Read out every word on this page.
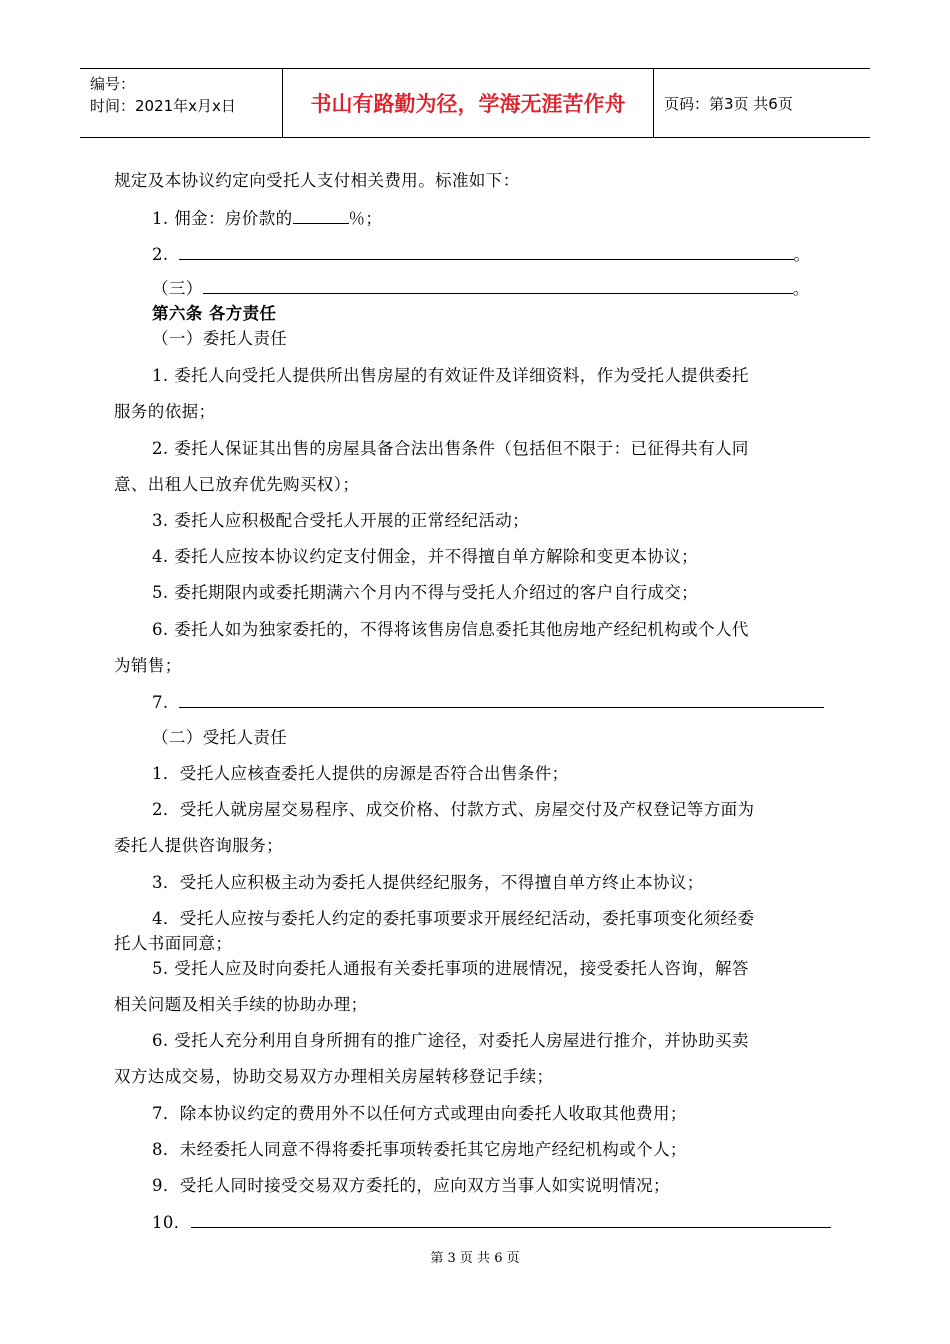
编号：
时间：2021年x月x日	书山有路勤为径，学海无涯苦作舟	页码：第3页 共6页
规定及本协议约定向受托人支付相关费用。标准如下：
1. 佣金：房价款的	％；
2.	。
（三）	。
第六条 各方责任
（一）委托人责任
1. 委托人向受托人提供所出售房屋的有效证件及详细资料，作为受托人提供委托
服务的依据；
2. 委托人保证其出售的房屋具备合法出售条件（包括但不限于：已征得共有人同
意、出租人已放弃优先购买权）；
3. 委托人应积极配合受托人开展的正常经纪活动；
4. 委托人应按本协议约定支付佣金，并不得擅自单方解除和变更本协议；
5. 委托期限内或委托期满六个月内不得与受托人介绍过的客户自行成交；
6. 委托人如为独家委托的，不得将该售房信息委托其他房地产经纪机构或个人代
为销售；
7.
（二）受托人责任
1．受托人应核查委托人提供的房源是否符合出售条件；
2．受托人就房屋交易程序、成交价格、付款方式、房屋交付及产权登记等方面为
委托人提供咨询服务；
3．受托人应积极主动为委托人提供经纪服务，不得擅自单方终止本协议；
4．受托人应按与委托人约定的委托事项要求开展经纪活动，委托事项变化须经委
托人书面同意；
5. 受托人应及时向委托人通报有关委托事项的进展情况，接受委托人咨询，解答
相关问题及相关手续的协助办理；
6. 受托人充分利用自身所拥有的推广途径，对委托人房屋进行推介，并协助买卖
双方达成交易，协助交易双方办理相关房屋转移登记手续；
7．除本协议约定的费用外不以任何方式或理由向委托人收取其他费用；
8．未经委托人同意不得将委托事项转委托其它房地产经纪机构或个人；
9．受托人同时接受交易双方委托的，应向双方当事人如实说明情况；
10．
第 3 页 共 6 页
